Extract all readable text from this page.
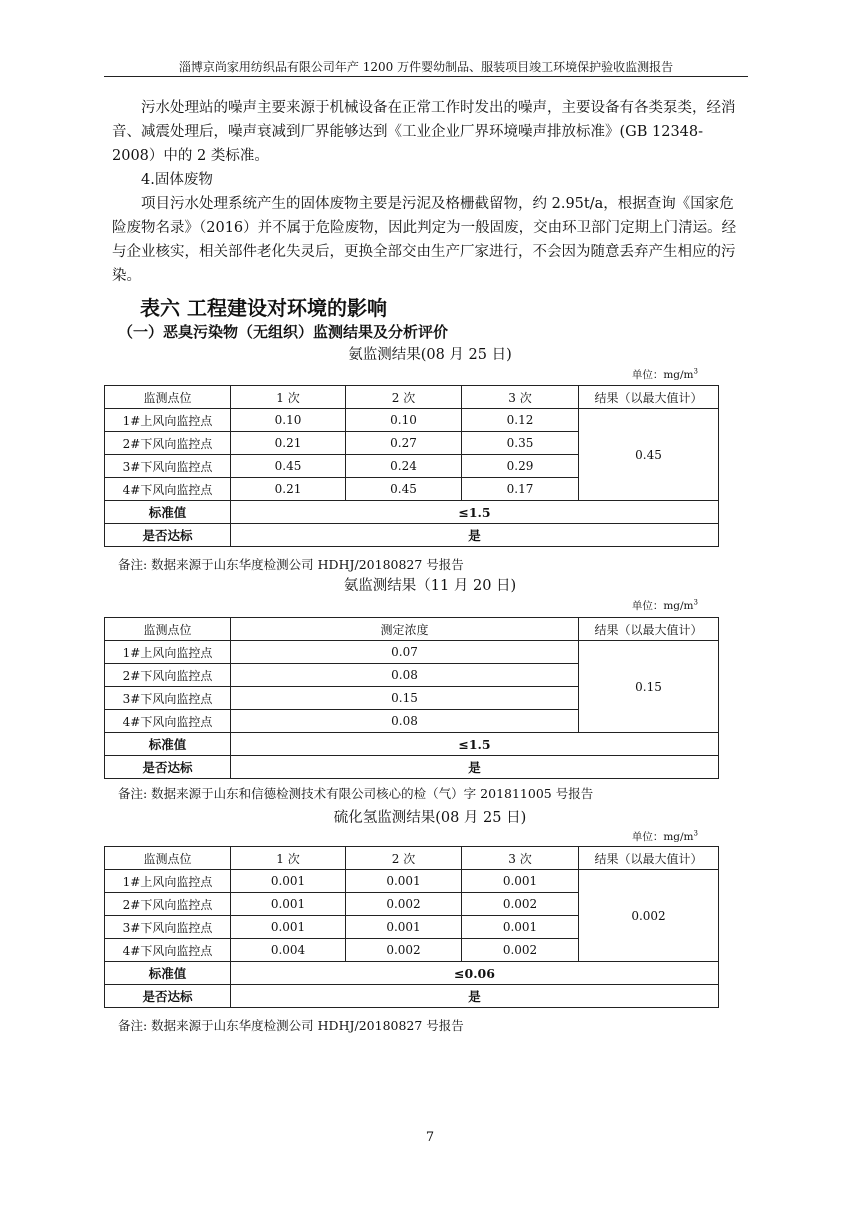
淄博京尚家用纺织品有限公司年产 1200 万件婴幼制品、服装项目竣工环境保护验收监测报告

污水处理站的噪声主要来源于机械设备在正常工作时发出的噪声，主要设备有各类泵类，经消音、减震处理后，噪声衰减到厂界能够达到《工业企业厂界环境噪声排放标准》(GB 12348-2008）中的 2 类标准。

4.固体废物

项目污水处理系统产生的固体废物主要是污泥及格栅截留物，约 2.95t/a，根据查询《国家危险废物名录》（2016）并不属于危险废物，因此判定为一般固废，交由环卫部门定期上门清运。经与企业核实，相关部件老化失灵后，更换全部交由生产厂家进行，不会因为随意丢弃产生相应的污染。

表六 工程建设对环境的影响
（一）恶臭污染物（无组织）监测结果及分析评价
氨监测结果(08 月 25 日)
单位：$mg/m^3$
监测点位	1 次	2 次	3 次	结果（以最大值计）
1#上风向监控点	0.10	0.10	0.12	0.45
2#下风向监控点	0.21	0.27	0.35	
3#下风向监控点	0.45	0.24	0.29	
4#下风向监控点	0.21	0.45	0.17	
标准值	≤1.5			
是否达标	是			
备注: 数据来源于山东华度检测公司 HDHJ/20180827 号报告
氨监测结果（11 月 20 日)
单位：$mg/m^3$
监测点位	测定浓度	结果（以最大值计）
1#上风向监控点	0.07	0.15
2#下风向监控点	0.08	
3#下风向监控点	0.15	
4#下风向监控点	0.08	
标准值	≤1.5	
是否达标	是	
备注: 数据来源于山东和信德检测技术有限公司核心的检（气）字 201811005 号报告
硫化氢监测结果(08 月 25 日)
单位：$mg/m^3$
监测点位	1 次	2 次	3 次	结果（以最大值计）
1#上风向监控点	0.001	0.001	0.001	0.002
2#下风向监控点	0.001	0.002	0.002	
3#下风向监控点	0.001	0.001	0.001	
4#下风向监控点	0.004	0.002	0.002	
标准值	≤0.06			
是否达标	是			
备注: 数据来源于山东华度检测公司 HDHJ/20180827 号报告
7
